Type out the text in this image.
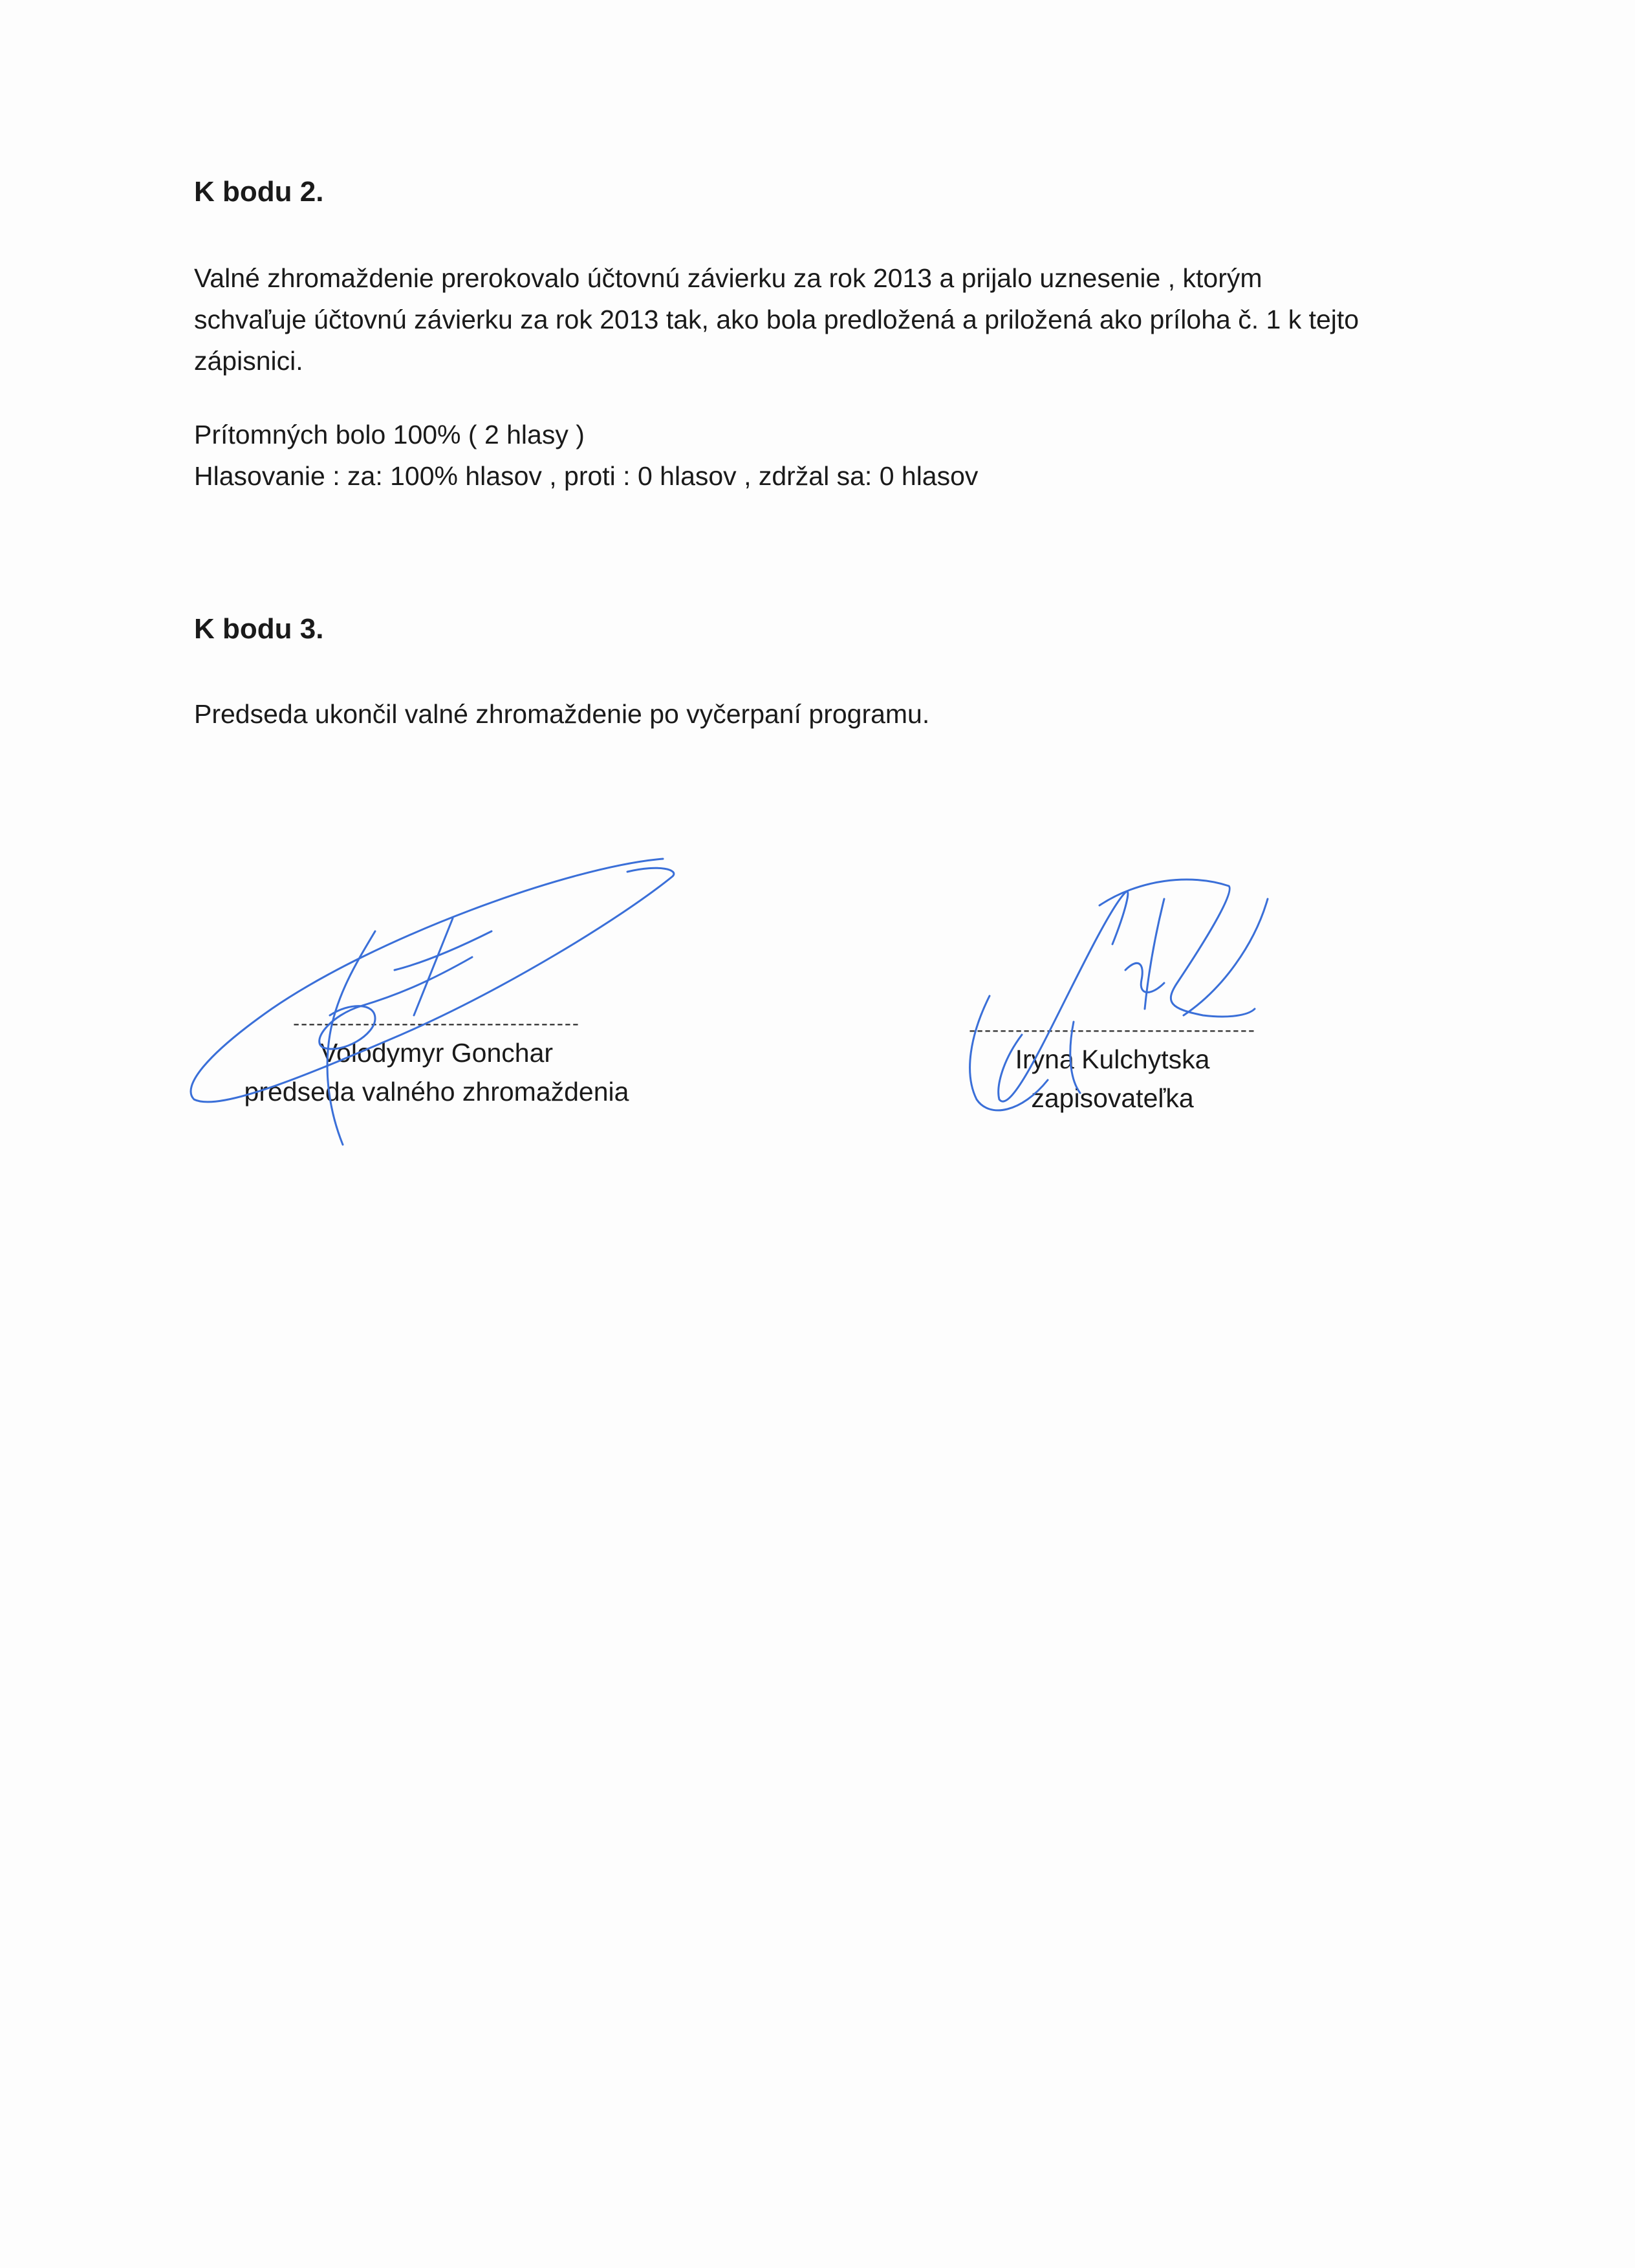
K bodu 2.

Valné zhromaždenie prerokovalo účtovnú závierku za rok 2013 a prijalo uznesenie , ktorým
schvaľuje účtovnú závierku za rok 2013 tak, ako bola predložená a priložená ako príloha č. 1 k tejto
zápisnici.

Prítomných bolo 100% ( 2 hlasy )
Hlasovanie : za: 100% hlasov , proti : 0 hlasov , zdržal sa: 0 hlasov

K bodu 3.

Predseda ukončil valné zhromaždenie po vyčerpaní programu.

-------------------------------------
Volodymyr Gonchar
predseda valného zhromaždenia
-------------------------------------
Iryna Kulchytska
zapisovateľka
